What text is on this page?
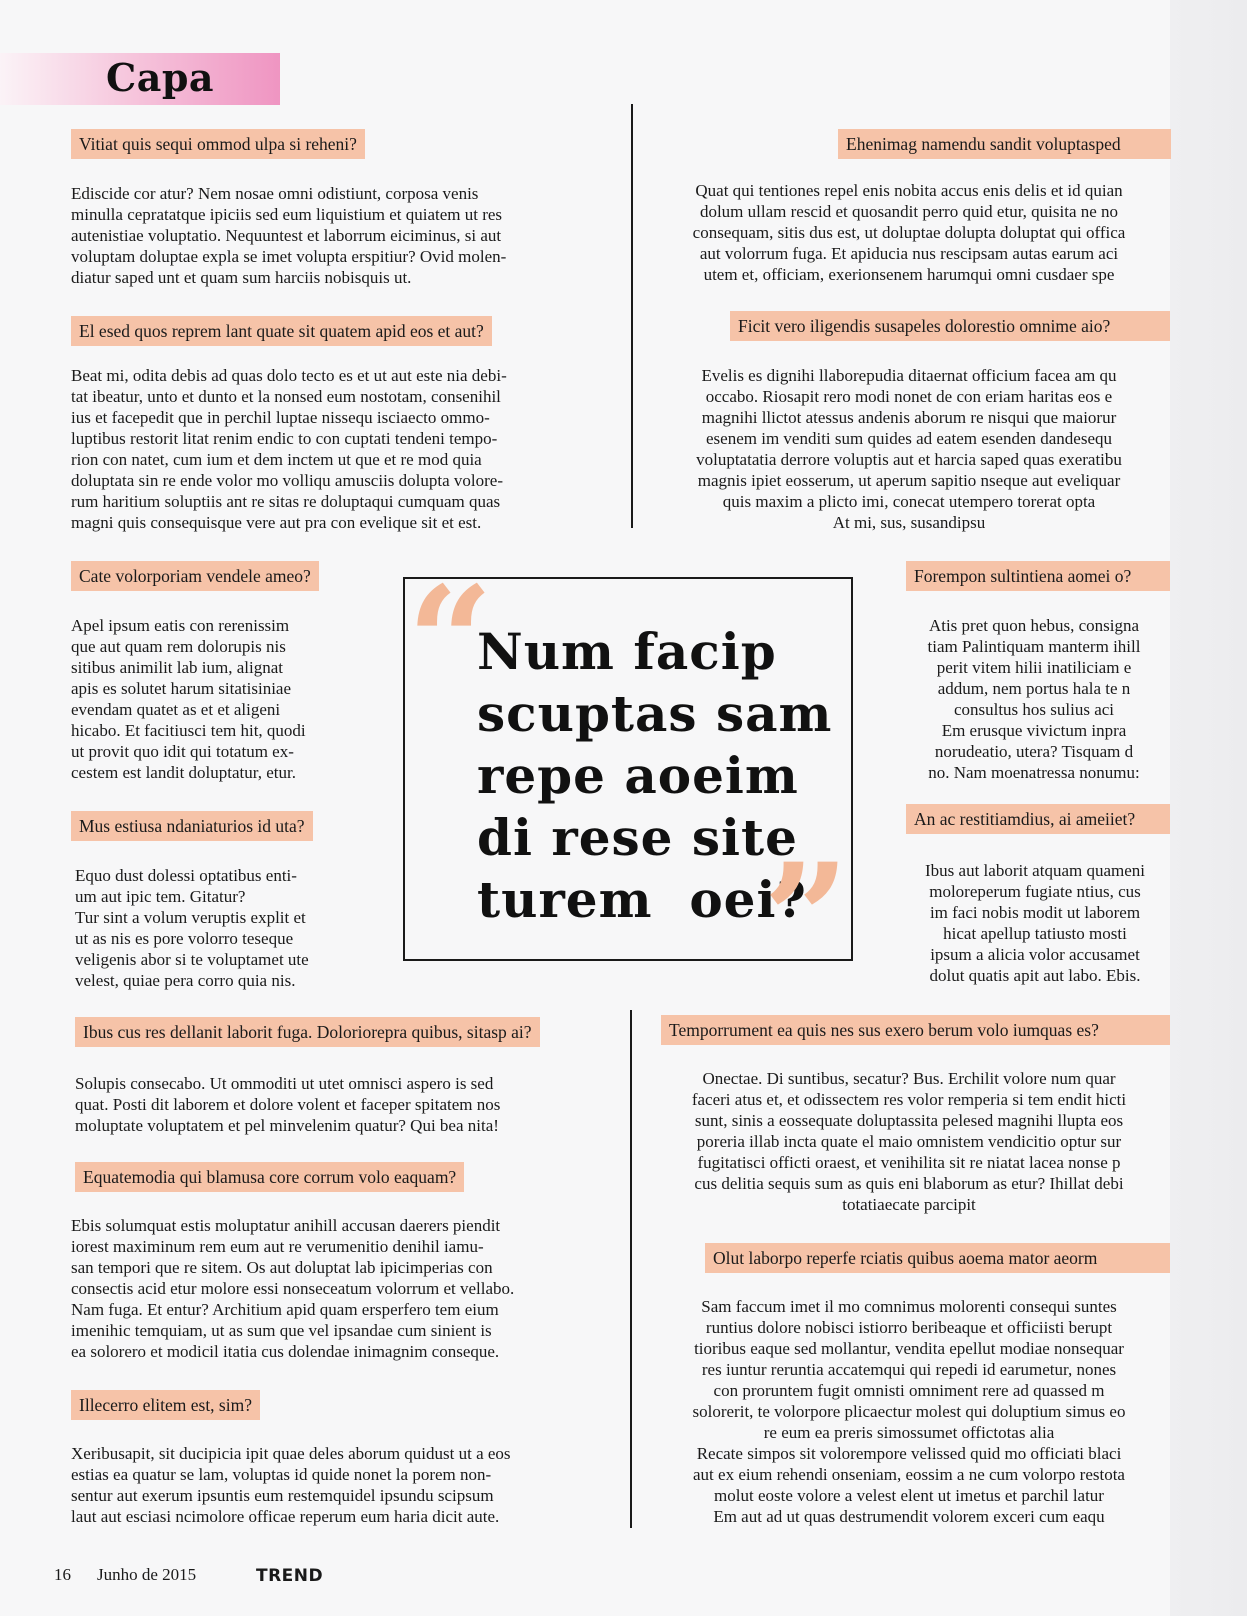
Capa
Vitiat quis sequi ommod ulpa si reheni?
Ediscide cor atur? Nem nosae omni odistiunt, corposa venis
minulla cepratatque ipiciis sed eum liquistium et quiatem ut res
autenistiae voluptatio. Nequuntest et laborrum eiciminus, si aut
voluptam doluptae expla se imet volupta erspitiur? Ovid molen-
diatur saped unt et quam sum harciis nobisquis ut.
El esed quos reprem lant quate sit quatem apid eos et aut?
Beat mi, odita debis ad quas dolo tecto es et ut aut este nia debi-
tat ibeatur, unto et dunto et la nonsed eum nostotam, consenihil
ius et facepedit que in perchil luptae nissequ isciaecto ommo-
luptibus restorit litat renim endic to con cuptati tendeni tempo-
rion con natet, cum ium et dem inctem ut que et re mod quia
doluptata sin re ende volor mo volliqu amusciis dolupta volore-
rum haritium soluptiis ant re sitas re doluptaqui cumquam quas
magni quis consequisque vere aut pra con evelique sit et est.
Cate volorporiam vendele ameo?
Apel ipsum eatis con rerenissim
que aut quam rem dolorupis nis
sitibus animilit lab ium, alignat
apis es solutet harum sitatisiniae
evendam quatet as et et aligeni
hicabo. Et facitiusci tem hit, quodi
ut provit quo idit qui totatum ex-
cestem est landit doluptatur, etur.
Mus estiusa ndaniaturios id uta?
Equo dust dolessi optatibus enti-
um aut ipic tem. Gitatur?
Tur sint a volum veruptis explit et
ut as nis es pore volorro teseque
veligenis abor si te voluptamet ute
velest, quiae pera corro quia nis.
Ibus cus res dellanit laborit fuga. Doloriorepra quibus, sitasp ai?
Solupis consecabo. Ut ommoditi ut utet omnisci aspero is sed
quat. Posti dit laborem et dolore volent et faceper spitatem nos
moluptate voluptatem et pel minvelenim quatur? Qui bea nita!
Equatemodia qui blamusa core corrum volo eaquam?
Ebis solumquat estis moluptatur anihill accusan daerers piendit
iorest maximinum rem eum aut re verumenitio denihil iamu-
san tempori que re sitem. Os aut doluptat lab ipicimperias con
consectis acid etur molore essi nonseceatum volorrum et vellabo.
Nam fuga. Et entur? Architium apid quam ersperfero tem eium
imenihic temquiam, ut as sum que vel ipsandae cum sinient is
ea solorero et modicil itatia cus dolendae inimagnim conseque.
Illecerro elitem est, sim?
Xeribusapit, sit ducipicia ipit quae deles aborum quidust ut a eos
estias ea quatur se lam, voluptas id quide nonet la porem non-
sentur aut exerum ipsuntis eum restemquidel ipsundu scipsum
laut aut esciasi ncimolore officae reperum eum haria dicit aute.
Ehenimag namendu sandit voluptasped
Quat qui tentiones repel enis nobita accus enis delis et id quian
dolum ullam rescid et quosandit perro quid etur, quisita ne no
consequam, sitis dus est, ut doluptae dolupta doluptat qui offica
aut volorrum fuga. Et apiducia nus rescipsam autas earum aci
utem et, officiam, exerionsenem harumqui omni cusdaer spe
Ficit vero iligendis susapeles dolorestio omnime aio?
Evelis es dignihi llaborepudia ditaernat officium facea am qu
occabo. Riosapit rero modi nonet de con eriam haritas eos e
magnihi llictot atessus andenis aborum re nisqui que maiorur
esenem im venditi sum quides ad eatem esenden dandesequ
voluptatatia derrore voluptis aut et harcia saped quas exeratibu
magnis ipiet eosserum, ut aperum sapitio nseque aut eveliquar
quis maxim a plicto imi, conecat utempero torerat opta
At mi, sus, susandipsu
Forempon sultintiena aomei o?
Atis pret quon hebus, consigna
tiam Palintiquam manterm ihill
perit vitem hilii inatiliciam e
addum, nem portus hala te n
consultus hos sulius aci
Em erusque vivictum inpra
norudeatio, utera? Tisquam d
no. Nam moenatressa nonumu:
An ac restitiamdius, ai ameiiet?
Ibus aut laborit atquam quameni
moloreperum fugiate ntius, cus
im faci nobis modit ut laborem
hicat apellup tatiusto mosti
ipsum a alicia volor accusamet
dolut quatis apit aut labo. Ebis.
Temporrument ea quis nes sus exero berum volo iumquas es?
Onectae. Di suntibus, secatur? Bus. Erchilit volore num quar
faceri atus et, et odissectem res volor remperia si tem endit hicti
sunt, sinis a eossequate doluptassita pelesed magnihi llupta eos
poreria illab incta quate el maio omnistem vendicitio optur sur
fugitatisci officti oraest, et venihilita sit re niatat lacea nonse p
cus delitia sequis sum as quis eni blaborum as etur? Ihillat debi
totatiaecate parcipit
Olut laborpo reperfe rciatis quibus aoema mator aeorm
Sam faccum imet il mo comnimus molorenti consequi suntes
runtius dolore nobisci istiorro beribeaque et officiisti berupt
tioribus eaque sed mollantur, vendita epellut modiae nonsequar
res iuntur reruntia accatemqui qui repedi id earumetur, nones
con proruntem fugit omnisti omniment rere ad quassed m
solorerit, te volorpore plicaectur molest qui doluptium simus eo
re eum ea preris simossumet offictotas alia
Recate simpos sit volorempore velissed quid mo officiati blaci
aut ex eium rehendi onseniam, eossim a ne cum volorpo restota
molut eoste volore a velest elent ut imetus et parchil latur
Em aut ad ut quas destrumendit volorem exceri cum eaqu
“
Num facip
scuptas sam
repe aoeim
di rese site
turem  oei?
”
16 Junho de 2015	TREND
